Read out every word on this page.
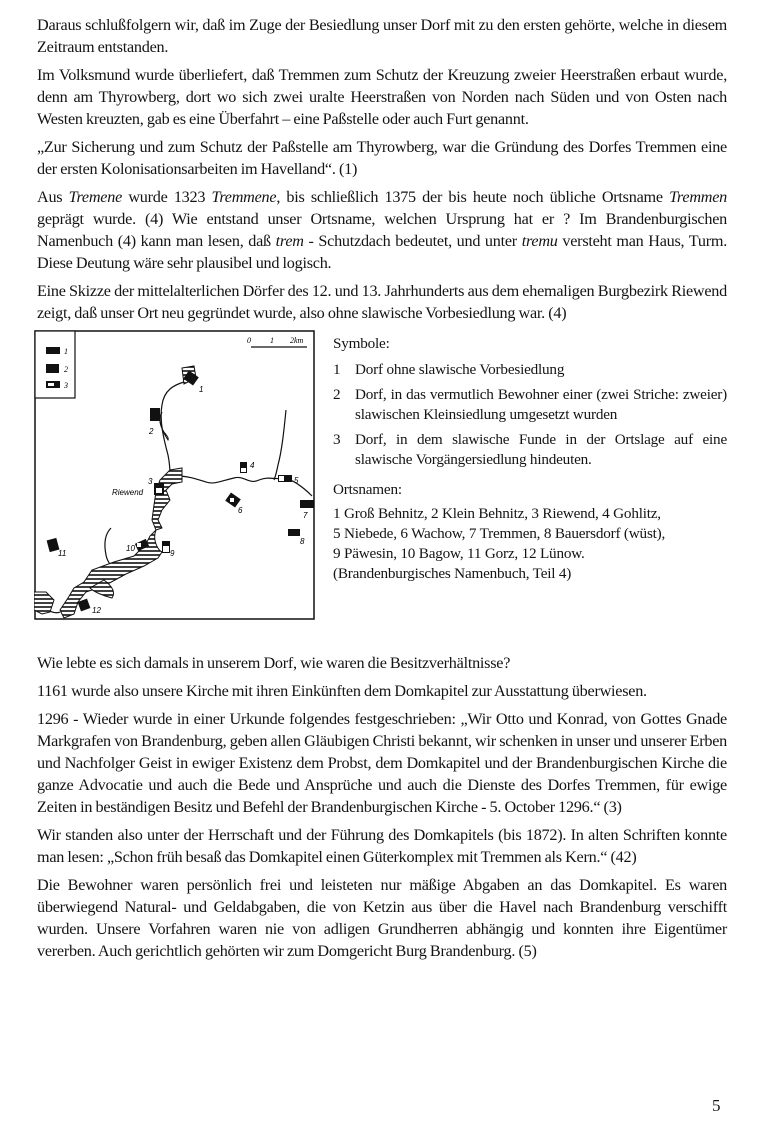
Daraus schlußfolgern wir, daß im Zuge der Besiedlung unser Dorf mit zu den ersten gehörte, welche in diesem Zeitraum entstanden.

Im Volksmund wurde überliefert, daß Tremmen zum Schutz der Kreuzung zweier Heerstraßen erbaut wurde, denn am Thyrowberg, dort wo sich zwei uralte Heerstraßen von Norden nach Süden und von Osten nach Westen kreuzten, gab es eine Überfahrt – eine Paßstelle oder auch Furt genannt.

„Zur Sicherung und zum Schutz der Paßstelle am Thyrowberg, war die Gründung des Dorfes Tremmen eine der ersten Kolonisationsarbeiten im Havelland“. (1)

Aus Tremene wurde 1323 Tremmene, bis schließlich 1375 der bis heute noch übliche Ortsname Tremmen geprägt wurde. (4) Wie entstand unser Ortsname, welchen Ursprung hat er ? Im Brandenburgischen Namenbuch (4) kann man lesen, daß trem - Schutzdach bedeutet, und unter tremu versteht man Haus, Turm. Diese Deutung wäre sehr plausibel und logisch.

Eine Skizze der mittelalterlichen Dörfer des 12. und 13. Jahrhunderts aus dem ehemaligen Burgbezirk Riewend zeigt, daß unser Ort neu gegründet wurde, also ohne slawische Vorbesiedlung war. (4)

1
2
3
0 1 2km
1
2
3
4
5
6
7
8
9
10
11
12
Riewend
Symbole:
1 Dorf ohne slawische Vorbesiedlung
2 Dorf, in das vermutlich Bewohner einer (zwei Striche: zweier) slawischen Kleinsiedlung umgesetzt wurden
3 Dorf, in dem slawische Funde in der Ortslage auf eine slawische Vorgängersiedlung hindeuten.
Ortsnamen:
1 Groß Behnitz, 2 Klein Behnitz, 3 Riewend, 4 Gohlitz,
5 Niebede, 6 Wachow, 7 Tremmen, 8 Bauersdorf (wüst),
9 Päwesin, 10 Bagow, 11 Gorz, 12 Lünow.
(Brandenburgisches Namenbuch, Teil 4)

Wie lebte es sich damals in unserem Dorf, wie waren die Besitzverhältnisse?

1161 wurde also unsere Kirche mit ihren Einkünften dem Domkapitel zur Ausstattung überwiesen.

1296 - Wieder wurde in einer Urkunde folgendes festgeschrieben: „Wir Otto und Konrad, von Gottes Gnade Markgrafen von Brandenburg, geben allen Gläubigen Christi bekannt, wir schenken in unser und unserer Erben und Nachfolger Geist in ewiger Existenz dem Probst, dem Domkapitel und der Brandenburgischen Kirche die ganze Advocatie und auch die Bede und Ansprüche und auch die Dienste des Dorfes Tremmen, für ewige Zeiten in beständigen Besitz und Befehl der Brandenburgischen Kirche - 5. October 1296.“ (3)

Wir standen also unter der Herrschaft und der Führung des Domkapitels (bis 1872). In alten Schriften konnte man lesen: „Schon früh besaß das Domkapitel einen Güterkomplex mit Tremmen als Kern.“ (42)

Die Bewohner waren persönlich frei und leisteten nur mäßige Abgaben an das Domkapitel. Es waren überwiegend Natural- und Geldabgaben, die von Ketzin aus über die Havel nach Brandenburg verschifft wurden. Unsere Vorfahren waren nie von adligen Grundherren abhängig und konnten ihre Eigentümer vererben. Auch gerichtlich gehörten wir zum Domgericht Burg Brandenburg. (5)

5
